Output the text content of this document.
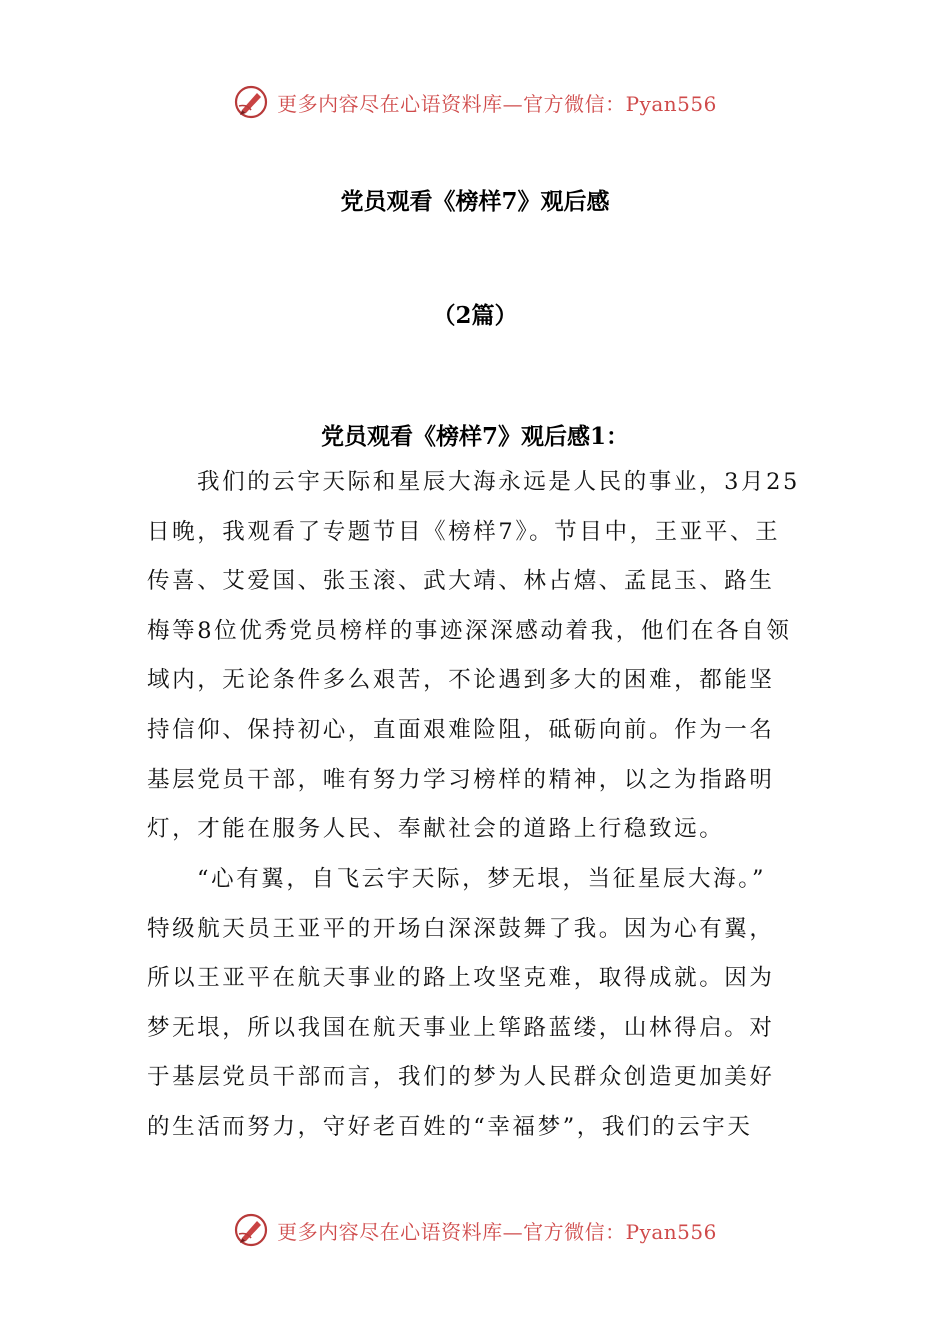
更多内容尽在心语资料库—官方微信：Pyan556
党员观看《榜样7》观后感
（2篇）
党员观看《榜样7》观后感1：
我们的云宇天际和星辰大海永远是人民的事业，3月25
日晚，我观看了专题节目《榜样7》。节目中，王亚平、王
传喜、艾爱国、张玉滚、武大靖、林占熺、孟昆玉、路生
梅等8位优秀党员榜样的事迹深深感动着我，他们在各自领
域内，无论条件多么艰苦，不论遇到多大的困难，都能坚
持信仰、保持初心，直面艰难险阻，砥砺向前。作为一名
基层党员干部，唯有努力学习榜样的精神，以之为指路明
灯，才能在服务人民、奉献社会的道路上行稳致远。
“心有翼，自飞云宇天际，梦无垠，当征星辰大海。”
特级航天员王亚平的开场白深深鼓舞了我。因为心有翼，
所以王亚平在航天事业的路上攻坚克难，取得成就。因为
梦无垠，所以我国在航天事业上筚路蓝缕，山林得启。对
于基层党员干部而言，我们的梦为人民群众创造更加美好
的生活而努力，守好老百姓的“幸福梦”，我们的云宇天
更多内容尽在心语资料库—官方微信：Pyan556
